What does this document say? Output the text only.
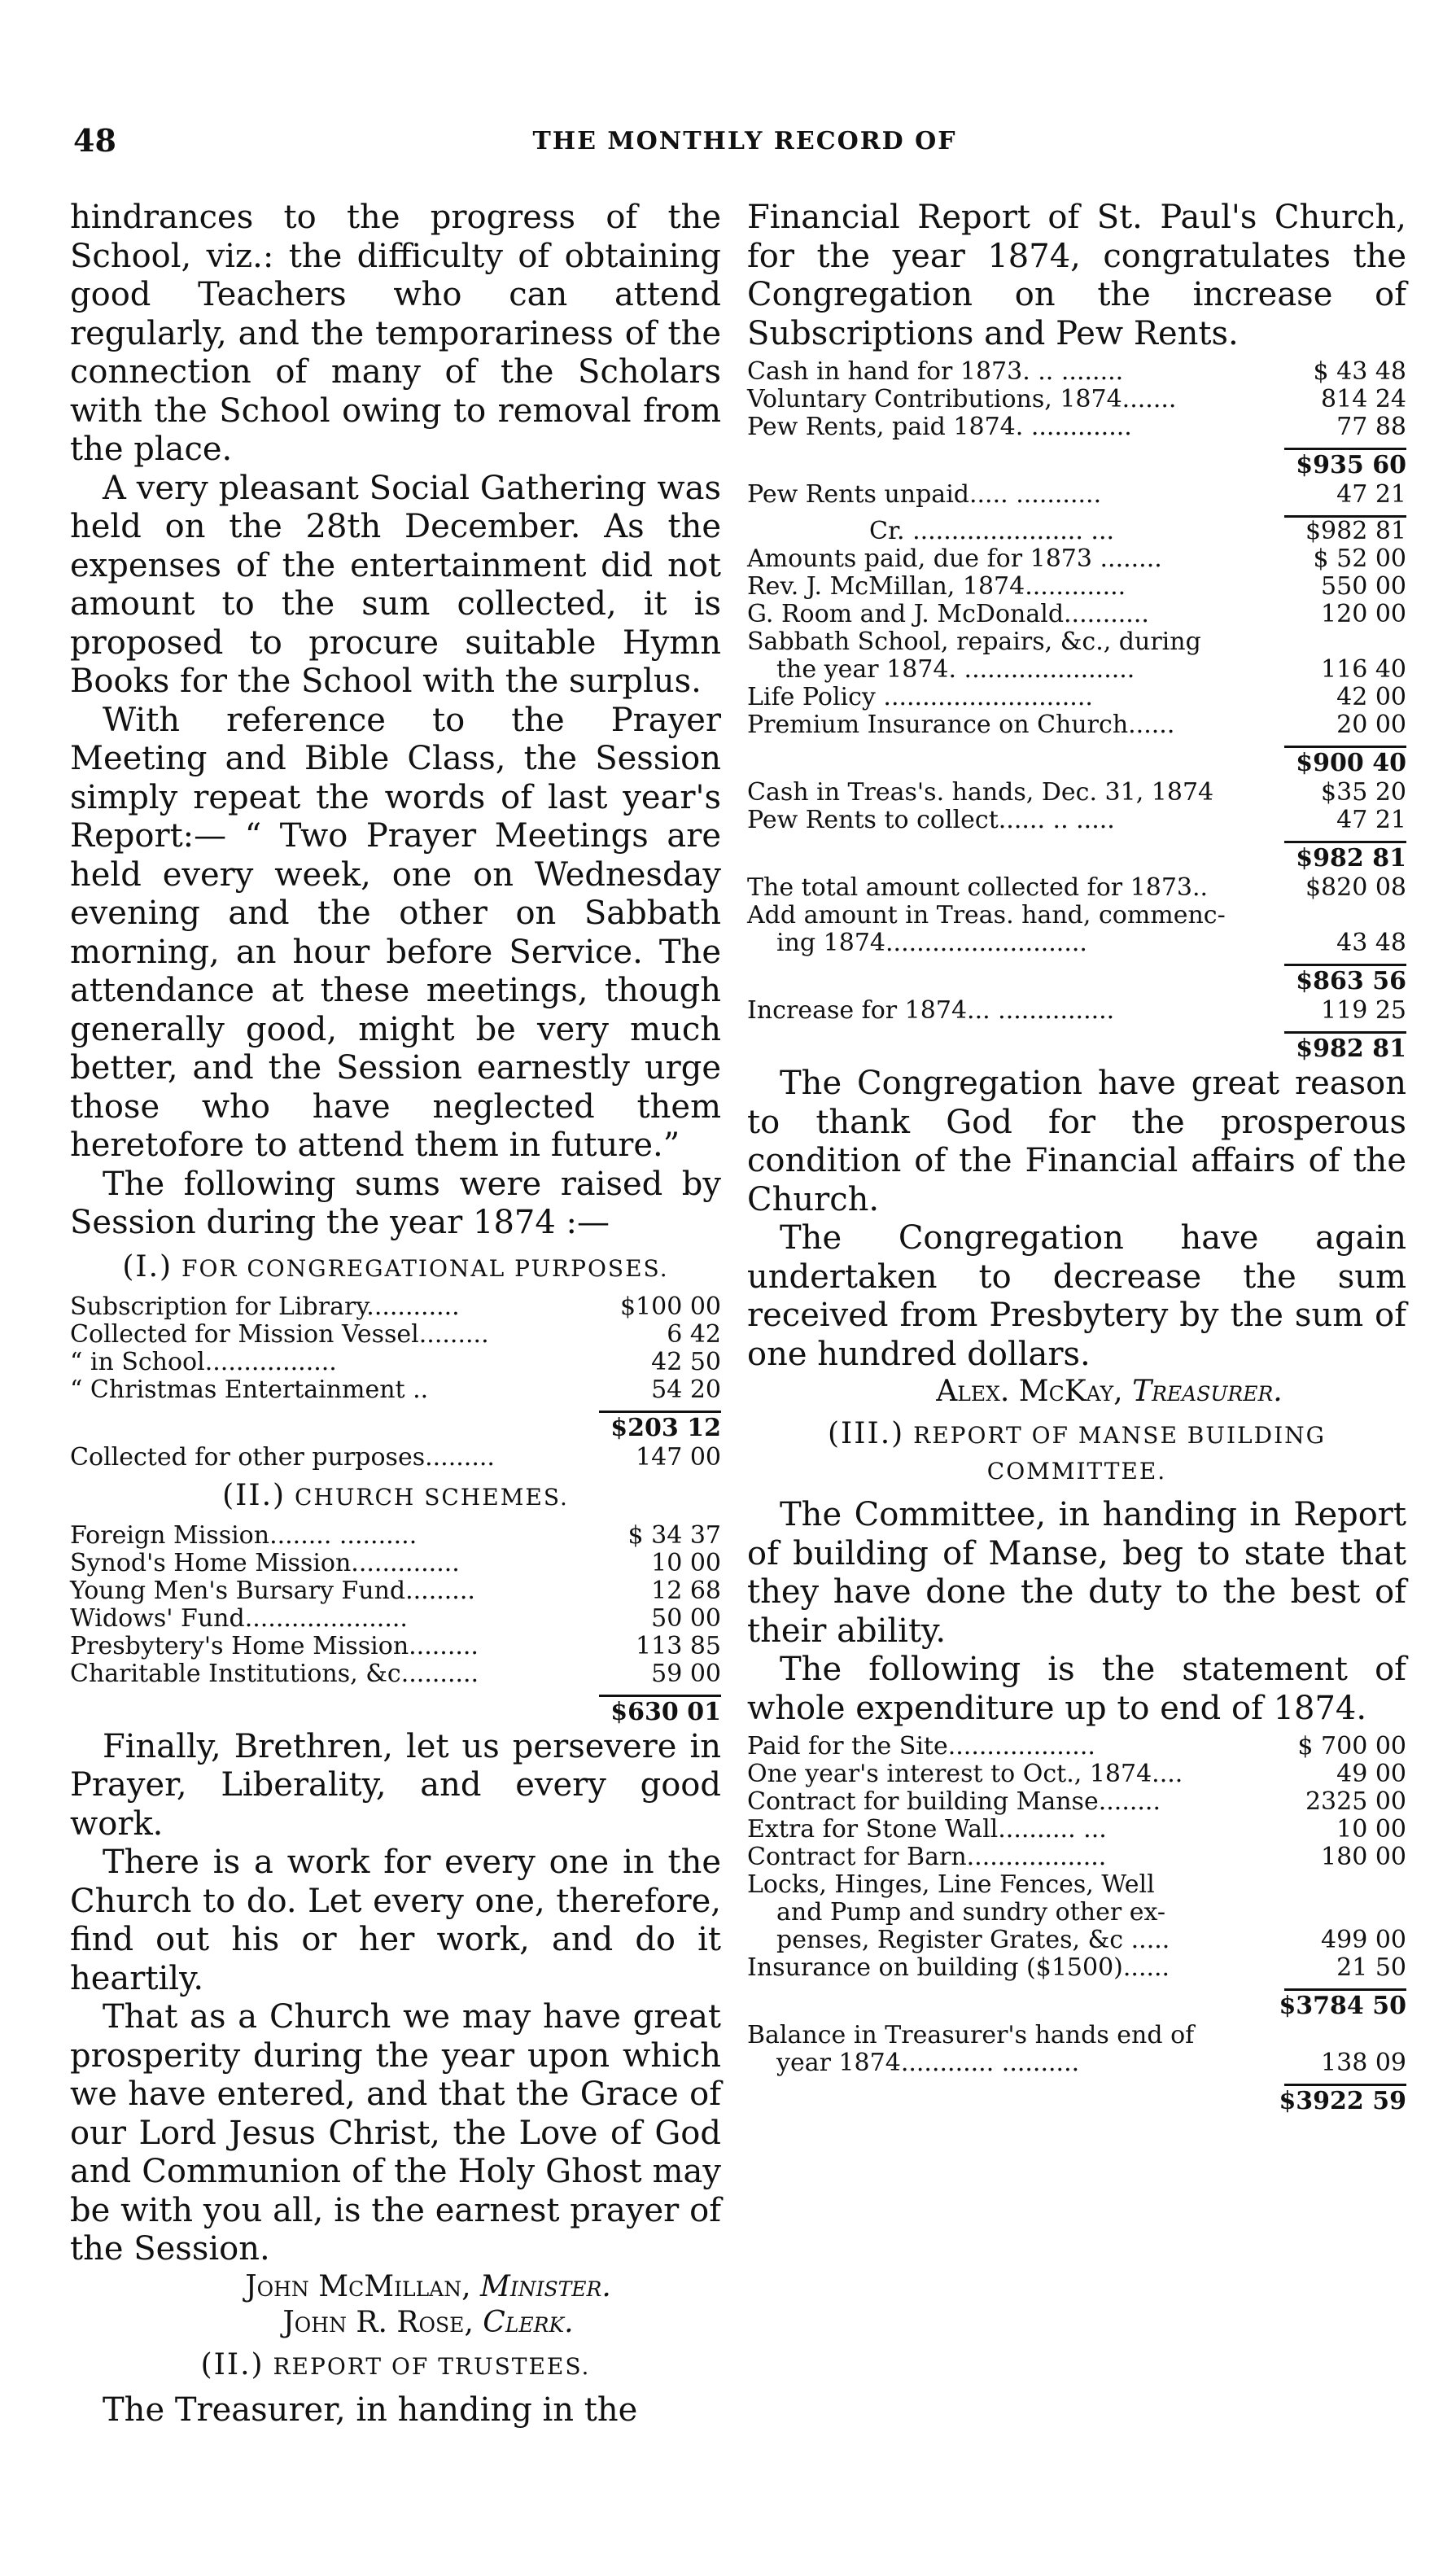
48	THE MONTHLY RECORD OF

hindrances to the progress of the School, viz.: the difficulty of obtaining good Teachers who can attend regularly, and the temporariness of the connection of many of the Scholars with the School owing to removal from the place.

A very pleasant Social Gathering was held on the 28th December. As the expenses of the entertainment did not amount to the sum collected, it is proposed to procure suitable Hymn Books for the School with the surplus.

With reference to the Prayer Meeting and Bible Class, the Session simply repeat the words of last year's Report:— “ Two Prayer Meetings are held every week, one on Wednesday evening and the other on Sabbath morning, an hour before Service. The attendance at these meetings, though generally good, might be very much better, and the Session earnestly urge those who have neglected them heretofore to attend them in future.”

The following sums were raised by Session during the year 1874 :—

(I.) FOR CONGREGATIONAL PURPOSES.
Subscription for Library............	$100 00
Collected for Mission Vessel.........	6 42
“ in School.................	42 50
“ Christmas Entertainment ..	54 20
$203 12
Collected for other purposes.........	147 00
(II.) CHURCH SCHEMES.
Foreign Mission........ ..........	$ 34 37
Synod's Home Mission..............	10 00
Young Men's Bursary Fund.........	12 68
Widows' Fund.....................	50 00
Presbytery's Home Mission.........	113 85
Charitable Institutions, &c..........	59 00
$630 01

Finally, Brethren, let us persevere in Prayer, Liberality, and every good work.

There is a work for every one in the Church to do. Let every one, therefore, find out his or her work, and do it heartily.

That as a Church we may have great prosperity during the year upon which we have entered, and that the Grace of our Lord Jesus Christ, the Love of God and Communion of the Holy Ghost may be with you all, is the earnest prayer of the Session.

John McMillan, Minister.
John R. Rose, Clerk.
(II.) REPORT OF TRUSTEES.

The Treasurer, in handing in the

Financial Report of St. Paul's Church, for the year 1874, congratulates the Congregation on the increase of Subscriptions and Pew Rents.

Cash in hand for 1873. .. ........	$ 43 48
Voluntary Contributions, 1874.......	814 24
Pew Rents, paid 1874. .............	77 88
$935 60
Pew Rents unpaid..... ...........	47 21
Cr. ...................... ...	$982 81
Amounts paid, due for 1873 ........	$ 52 00
Rev. J. McMillan, 1874.............	550 00
G. Room and J. McDonald...........	120 00
Sabbath School, repairs, &c., during	
the year 1874. ......................	116 40
Life Policy ...........................	42 00
Premium Insurance on Church......	20 00
$900 40
Cash in Treas's. hands, Dec. 31, 1874	$35 20
Pew Rents to collect...... .. .....	47 21
$982 81
The total amount collected for 1873..	$820 08
Add amount in Treas. hand, commenc-	
ing 1874..........................	43 48
$863 56
Increase for 1874... ...............	119 25
$982 81

The Congregation have great reason to thank God for the prosperous condition of the Financial affairs of the Church.

The Congregation have again undertaken to decrease the sum received from Presbytery by the sum of one hundred dollars.

Alex. McKay, Treasurer.
(III.) REPORT OF MANSE BUILDING COMMITTEE.

The Committee, in handing in Report of building of Manse, beg to state that they have done the duty to the best of their ability.

The following is the statement of whole expenditure up to end of 1874.

Paid for the Site...................	$ 700 00
One year's interest to Oct., 1874....	49 00
Contract for building Manse........	2325 00
Extra for Stone Wall.......... ...	10 00
Contract for Barn..................	180 00
Locks, Hinges, Line Fences, Well	
and Pump and sundry other ex-	
penses, Register Grates, &c .....	499 00
Insurance on building ($1500)......	21 50
$3784 50
Balance in Treasurer's hands end of	
year 1874............ ..........	138 09
$3922 59
